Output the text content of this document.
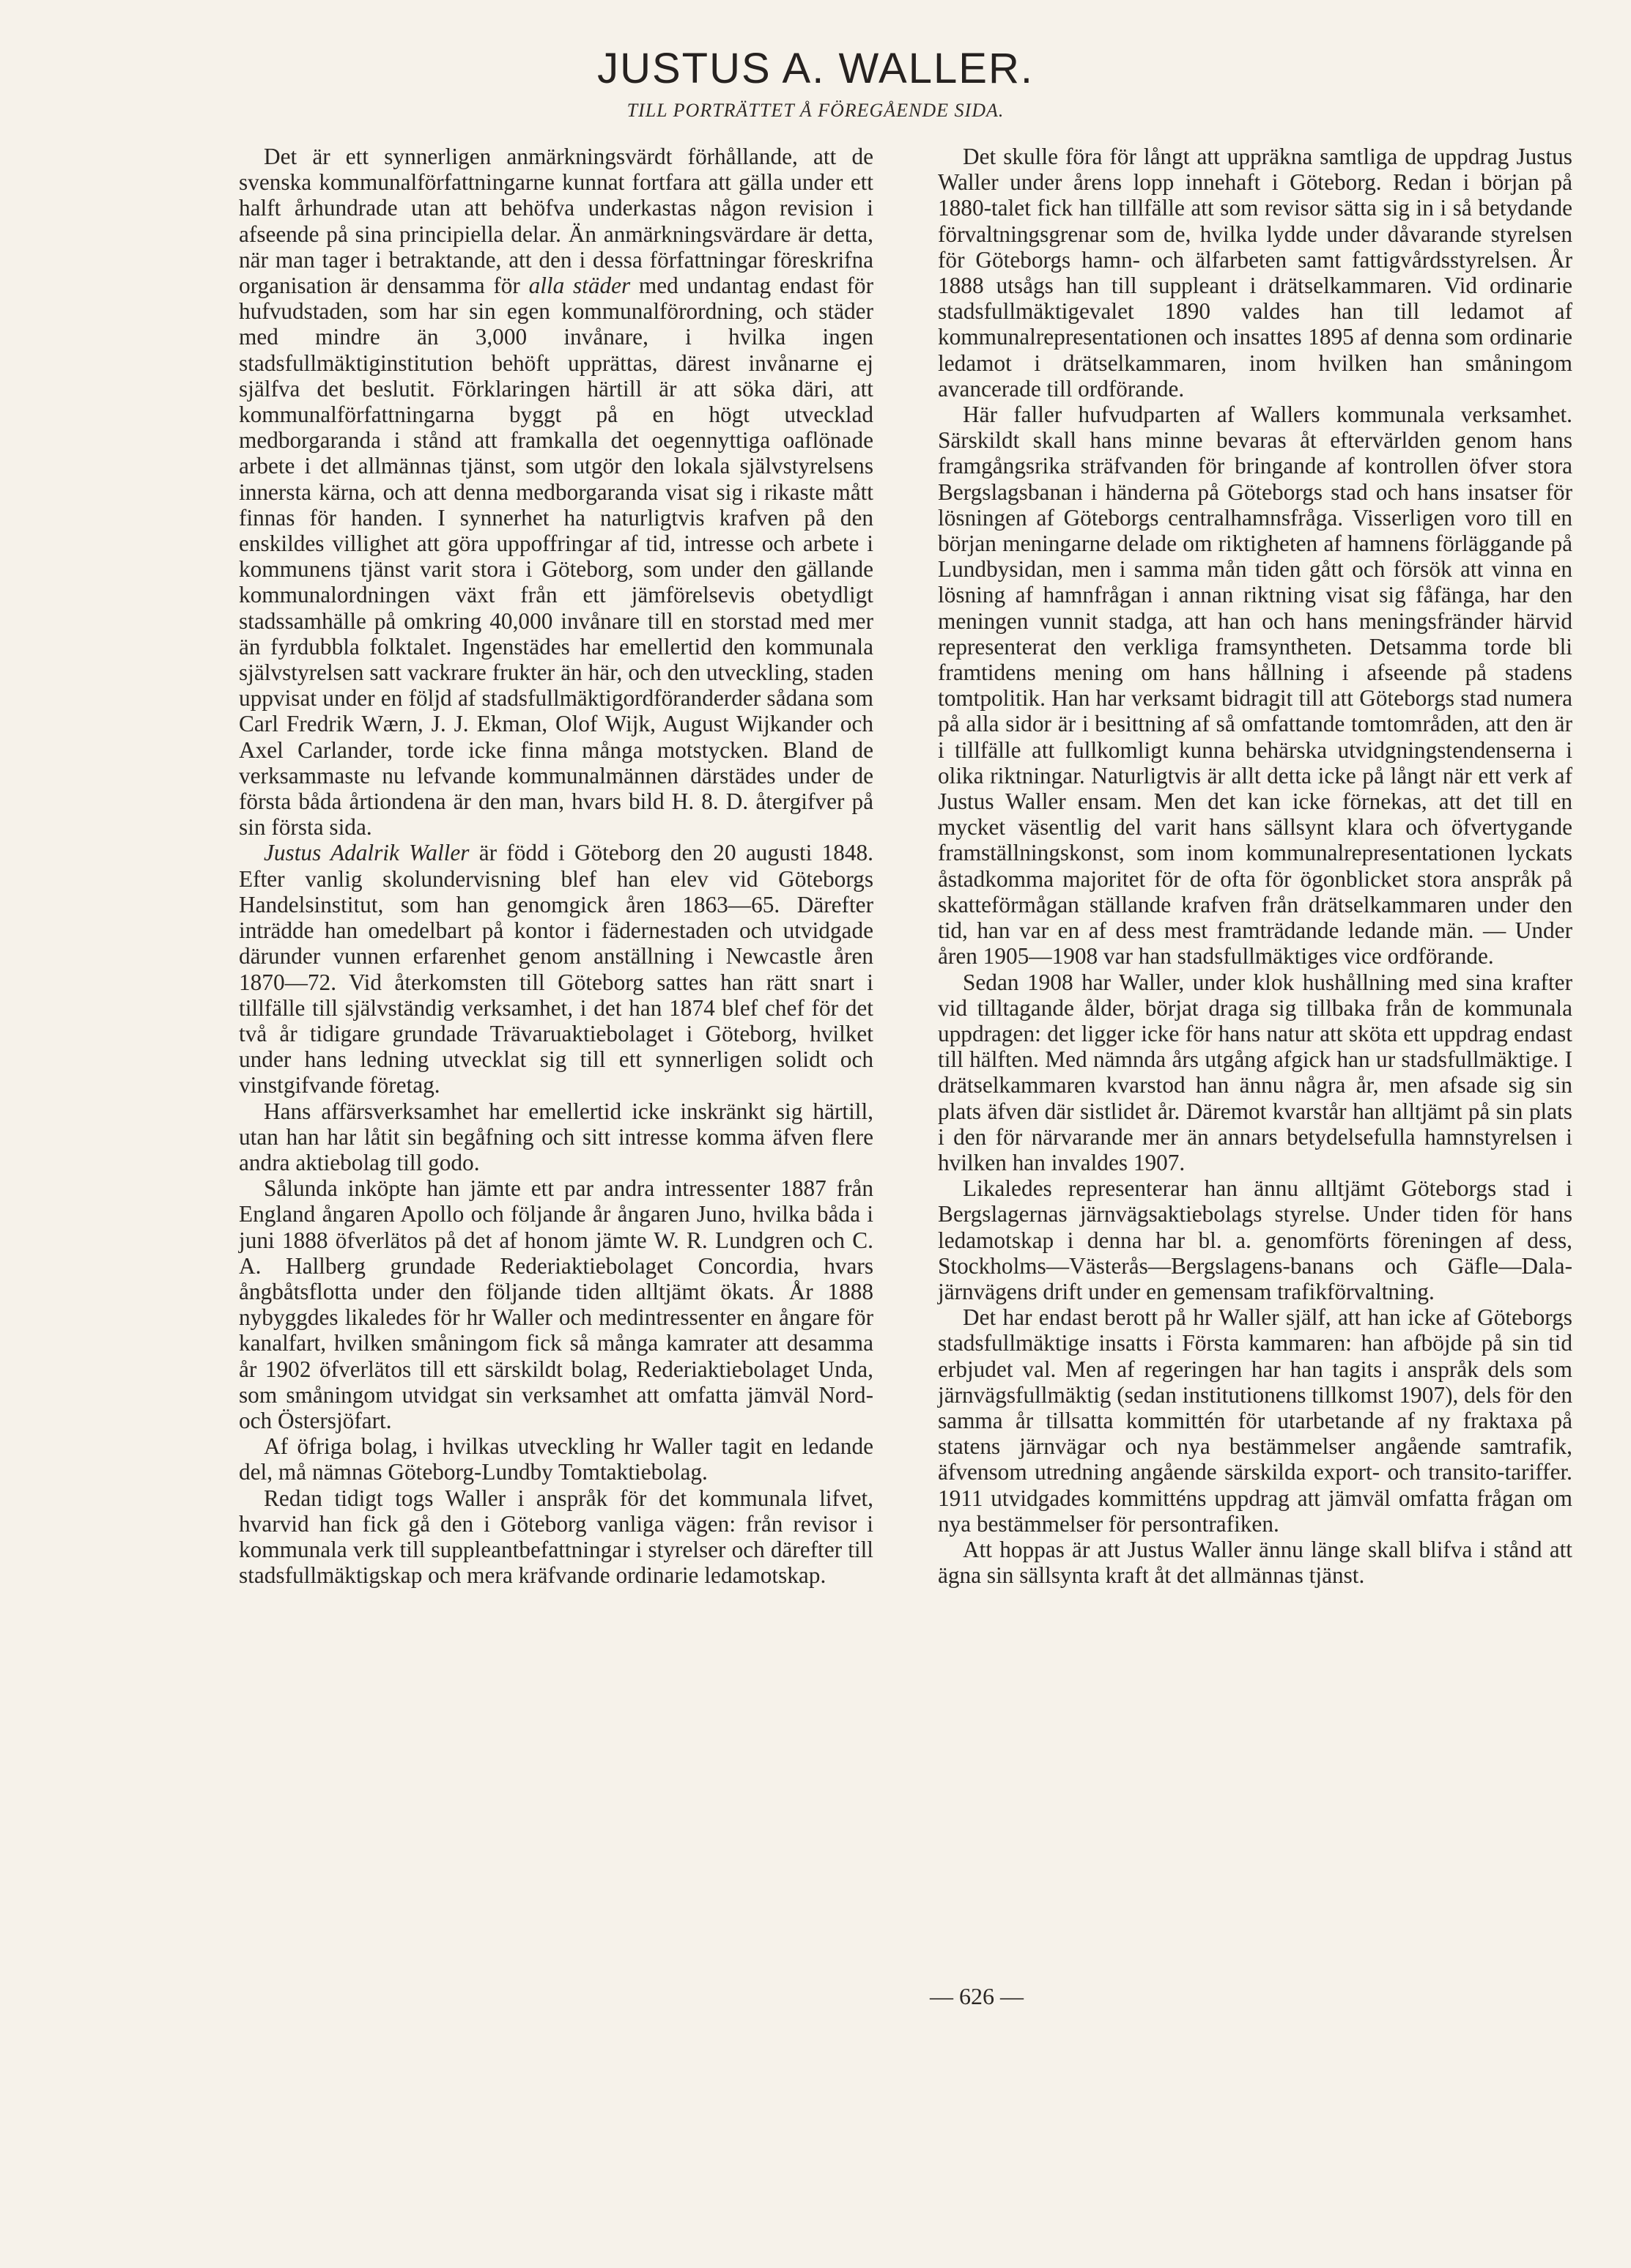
JUSTUS A. WALLER.
TILL PORTRÄTTET Å FÖREGÅENDE SIDA.

Det är ett synnerligen anmärkningsvärdt förhållande, att de svenska kommunalförfattningarne kunnat fortfara att gälla under ett halft århundrade utan att behöfva underkastas någon revision i afseende på sina principiella delar. Än anmärkningsvärdare är detta, när man tager i betraktande, att den i dessa författningar föreskrifna organisation är densamma för alla städer med undantag endast för hufvudstaden, som har sin egen kommunalförordning, och städer med mindre än 3,000 invånare, i hvilka ingen stadsfullmäktiginstitution behöft upprättas, därest invånarne ej själfva det beslutit. Förklaringen härtill är att söka däri, att kommunalförfattningarna byggt på en högt utvecklad medborgaranda i stånd att framkalla det oegennyttiga oaflönade arbete i det allmännas tjänst, som utgör den lokala självstyrelsens innersta kärna, och att denna medborgaranda visat sig i rikaste mått finnas för handen. I synnerhet ha naturligtvis krafven på den enskildes villighet att göra uppoffringar af tid, intresse och arbete i kommunens tjänst varit stora i Göteborg, som under den gällande kommunalordningen växt från ett jämförelsevis obetydligt stadssamhälle på omkring 40,000 invånare till en storstad med mer än fyrdubbla folktalet. Ingenstädes har emellertid den kommunala självstyrelsen satt vackrare frukter än här, och den utveckling, staden uppvisat under en följd af stadsfullmäktigordföranderder sådana som Carl Fredrik Wærn, J. J. Ekman, Olof Wijk, August Wijkander och Axel Carlander, torde icke finna många motstycken. Bland de verksammaste nu lefvande kommunalmännen därstädes under de första båda årtiondena är den man, hvars bild H. 8. D. återgifver på sin första sida.

Justus Adalrik Waller är född i Göteborg den 20 augusti 1848. Efter vanlig skolundervisning blef han elev vid Göteborgs Handelsinstitut, som han genomgick åren 1863—65. Därefter inträdde han omedelbart på kontor i fädernestaden och utvidgade därunder vunnen erfarenhet genom anställning i Newcastle åren 1870—72. Vid återkomsten till Göteborg sattes han rätt snart i tillfälle till självständig verksamhet, i det han 1874 blef chef för det två år tidigare grundade Trävaruaktiebolaget i Göteborg, hvilket under hans ledning utvecklat sig till ett synnerligen solidt och vinstgifvande företag.

Hans affärsverksamhet har emellertid icke inskränkt sig härtill, utan han har låtit sin begåfning och sitt intresse komma äfven flere andra aktiebolag till godo.

Sålunda inköpte han jämte ett par andra intressenter 1887 från England ångaren Apollo och följande år ångaren Juno, hvilka båda i juni 1888 öfverlätos på det af honom jämte W. R. Lundgren och C. A. Hallberg grundade Rederiaktiebolaget Concordia, hvars ångbåtsflotta under den följande tiden alltjämt ökats. År 1888 nybyggdes likaledes för hr Waller och medintressenter en ångare för kanalfart, hvilken småningom fick så många kamrater att desamma år 1902 öfverlätos till ett särskildt bolag, Rederiaktiebolaget Unda, som småningom utvidgat sin verksamhet att omfatta jämväl Nord- och Östersjöfart.

Af öfriga bolag, i hvilkas utveckling hr Waller tagit en ledande del, må nämnas Göteborg-Lundby Tomtaktiebolag.

Redan tidigt togs Waller i anspråk för det kommunala lifvet, hvarvid han fick gå den i Göteborg vanliga vägen: från revisor i kommunala verk till suppleantbefattningar i styrelser och därefter till stadsfullmäktigskap och mera kräfvande ordinarie ledamotskap.

Det skulle föra för långt att uppräkna samtliga de uppdrag Justus Waller under årens lopp innehaft i Göteborg. Redan i början på 1880-talet fick han tillfälle att som revisor sätta sig in i så betydande förvaltningsgrenar som de, hvilka lydde under dåvarande styrelsen för Göteborgs hamn- och älfarbeten samt fattigvårdsstyrelsen. År 1888 utsågs han till suppleant i drätselkammaren. Vid ordinarie stadsfullmäktigevalet 1890 valdes han till ledamot af kommunalrepresentationen och insattes 1895 af denna som ordinarie ledamot i drätselkammaren, inom hvilken han småningom avancerade till ordförande.

Här faller hufvudparten af Wallers kommunala verksamhet. Särskildt skall hans minne bevaras åt eftervärlden genom hans framgångsrika sträfvanden för bringande af kontrollen öfver stora Bergslagsbanan i händerna på Göteborgs stad och hans insatser för lösningen af Göteborgs centralhamnsfråga. Visserligen voro till en början meningarne delade om riktigheten af hamnens förläggande på Lundbysidan, men i samma mån tiden gått och försök att vinna en lösning af hamnfrågan i annan riktning visat sig fåfänga, har den meningen vunnit stadga, att han och hans meningsfränder härvid representerat den verkliga framsyntheten. Detsamma torde bli framtidens mening om hans hållning i afseende på stadens tomtpolitik. Han har verksamt bidragit till att Göteborgs stad numera på alla sidor är i besittning af så omfattande tomtområden, att den är i tillfälle att fullkomligt kunna behärska utvidgningstendenserna i olika riktningar. Naturligtvis är allt detta icke på långt när ett verk af Justus Waller ensam. Men det kan icke förnekas, att det till en mycket väsentlig del varit hans sällsynt klara och öfvertygande framställningskonst, som inom kommunalrepresentationen lyckats åstadkomma majoritet för de ofta för ögonblicket stora anspråk på skatteförmågan ställande krafven från drätselkammaren under den tid, han var en af dess mest framträdande ledande män. — Under åren 1905—1908 var han stadsfullmäktiges vice ordförande.

Sedan 1908 har Waller, under klok hushållning med sina krafter vid tilltagande ålder, börjat draga sig tillbaka från de kommunala uppdragen: det ligger icke för hans natur att sköta ett uppdrag endast till hälften. Med nämnda års utgång afgick han ur stadsfullmäktige. I drätselkammaren kvarstod han ännu några år, men afsade sig sin plats äfven där sistlidet år. Däremot kvarstår han alltjämt på sin plats i den för närvarande mer än annars betydelsefulla hamnstyrelsen i hvilken han invaldes 1907.

Likaledes representerar han ännu alltjämt Göteborgs stad i Bergslagernas järnvägsaktiebolags styrelse. Under tiden för hans ledamotskap i denna har bl. a. genomförts föreningen af dess, Stockholms—Västerås—Bergslagens-banans och Gäfle—Dala-järnvägens drift under en gemensam trafikförvaltning.

Det har endast berott på hr Waller själf, att han icke af Göteborgs stadsfullmäktige insatts i Första kammaren: han afböjde på sin tid erbjudet val. Men af regeringen har han tagits i anspråk dels som järnvägsfullmäktig (sedan institutionens tillkomst 1907), dels för den samma år tillsatta kommittén för utarbetande af ny fraktaxa på statens järnvägar och nya bestämmelser angående samtrafik, äfvensom utredning angående särskilda export- och transito-tariffer. 1911 utvidgades kommitténs uppdrag att jämväl omfatta frågan om nya bestämmelser för persontrafiken.

Att hoppas är att Justus Waller ännu länge skall blifva i stånd att ägna sin sällsynta kraft åt det allmännas tjänst.

— 626 —
